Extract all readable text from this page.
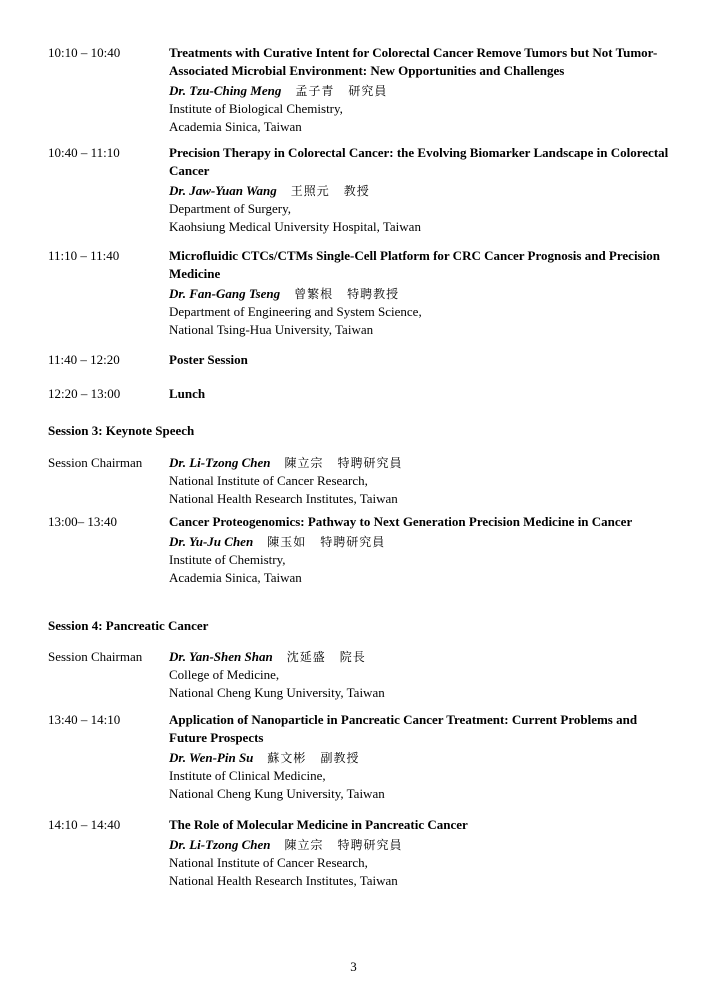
10:10 – 10:40	Treatments with Curative Intent for Colorectal Cancer Remove Tumors but Not Tumor-Associated Microbial Environment: New Opportunities and Challenges
Dr. Tzu-Ching Meng 孟子青 研究員
Institute of Biological Chemistry,
Academia Sinica, Taiwan
10:40 – 11:10	Precision Therapy in Colorectal Cancer: the Evolving Biomarker Landscape in Colorectal Cancer
Dr. Jaw-Yuan Wang 王照元 教授
Department of Surgery,
Kaohsiung Medical University Hospital, Taiwan
11:10 – 11:40	Microfluidic CTCs/CTMs Single-Cell Platform for CRC Cancer Prognosis and Precision Medicine
Dr. Fan-Gang Tseng 曾繁根 特聘教授
Department of Engineering and System Science,
National Tsing-Hua University, Taiwan
11:40 – 12:20	Poster Session
12:20 – 13:00	Lunch
Session 3: Keynote Speech
Session Chairman Dr. Li-Tzong Chen 陳立宗 特聘研究員
National Institute of Cancer Research,
National Health Research Institutes, Taiwan
13:00– 13:40	Cancer Proteogenomics: Pathway to Next Generation Precision Medicine in Cancer
Dr. Yu-Ju Chen 陳玉如 特聘研究員
Institute of Chemistry,
Academia Sinica, Taiwan
Session 4: Pancreatic Cancer
Session Chairman Dr. Yan-Shen Shan 沈延盛 院長
College of Medicine,
National Cheng Kung University, Taiwan
13:40 – 14:10	Application of Nanoparticle in Pancreatic Cancer Treatment: Current Problems and Future Prospects
Dr. Wen-Pin Su 蘇文彬 副教授
Institute of Clinical Medicine,
National Cheng Kung University, Taiwan
14:10 – 14:40	The Role of Molecular Medicine in Pancreatic Cancer
Dr. Li-Tzong Chen 陳立宗 特聘研究員
National Institute of Cancer Research,
National Health Research Institutes, Taiwan
3
